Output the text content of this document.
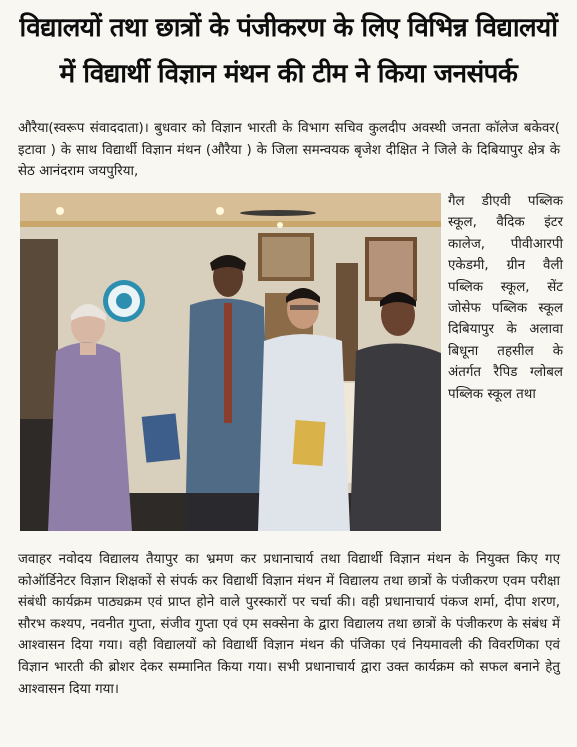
विद्यालयों तथा छात्रों के पंजीकरण के लिए विभिन्न विद्यालयों
में विद्यार्थी विज्ञान मंथन की टीम ने किया जनसंपर्क

औरैया(स्वरूप संवाददाता)। बुधवार को विज्ञान भारती के विभाग सचिव कुलदीप अवस्थी जनता कॉलेज बकेवर( इटावा ) के साथ विद्यार्थी विज्ञान मंथन (औरैया ) के जिला समन्वयक बृजेश दीक्षित ने जिले के दिबियापुर क्षेत्र के सेठ आनंदराम जयपुरिया,

गैल डीएवी पब्लिक स्कूल, वैदिक इंटर कालेज, पीवीआरपी एकेडमी, ग्रीन वैली पब्लिक स्कूल, सेंट जोसेफ पब्लिक स्कूल दिबियापुर के अलावा बिधूना तहसील के अंतर्गत रैपिड ग्लोबल पब्लिक स्कूल तथा

जवाहर नवोदय विद्यालय तैयापुर का भ्रमण कर प्रधानाचार्य तथा विद्यार्थी विज्ञान मंथन के नियुक्त किए गए कोऑर्डिनेटर विज्ञान शिक्षकों से संपर्क कर विद्यार्थी विज्ञान मंथन में विद्यालय तथा छात्रों के पंजीकरण एवम परीक्षा संबंधी कार्यक्रम पाठ्यक्रम एवं प्राप्त होने वाले पुरस्कारों पर चर्चा की। वही प्रधानाचार्य पंकज शर्मा, दीपा शरण, सौरभ कश्यप, नवनीत गुप्ता, संजीव गुप्ता एवं एम सक्सेना के द्वारा विद्यालय तथा छात्रों के पंजीकरण के संबंध में आश्वासन दिया गया। वही विद्यालयों को विद्यार्थी विज्ञान मंथन की पंजिका एवं नियमावली की विवरणिका एवं विज्ञान भारती की ब्रोशर देकर सम्मानित किया गया। सभी प्रधानाचार्य द्वारा उक्त कार्यक्रम को सफल बनाने हेतु आश्वासन दिया गया।
